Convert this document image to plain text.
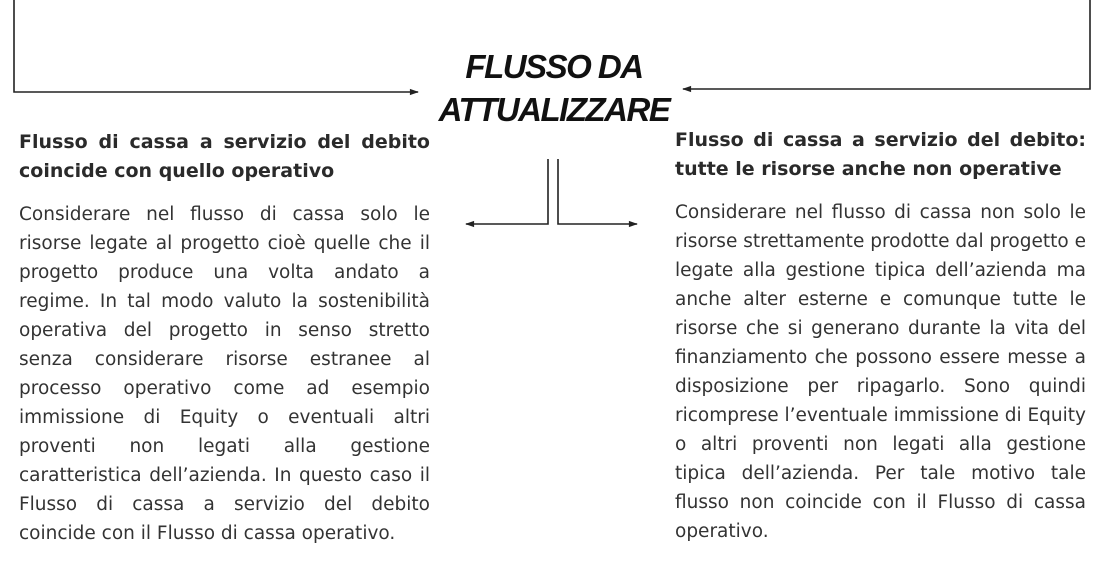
FLUSSO DA
ATTUALIZZARE
Flusso di cassa a servizio del debito coincide con quello operativo

Considerare nel flusso di cassa solo le risorse legate al progetto cioè quelle che il progetto produce una volta andato a regime. In tal modo valuto la sostenibilità operativa del progetto in senso stretto senza considerare risorse estranee al processo operativo come ad esempio immissione di Equity o eventuali altri proventi non legati alla gestione caratteristica dell’azienda. In questo caso il Flusso di cassa a servizio del debito coincide con il Flusso di cassa operativo.

Flusso di cassa a servizio del debito: tutte le risorse anche non operative

Considerare nel flusso di cassa non solo le risorse strettamente prodotte dal progetto e legate alla gestione tipica dell’azienda ma anche alter esterne e comunque tutte le risorse che si generano durante la vita del finanziamento che possono essere messe a disposizione per ripagarlo. Sono quindi ricomprese l’eventuale immissione di Equity o altri proventi non legati alla gestione tipica dell’azienda. Per tale motivo tale flusso non coincide con il Flusso di cassa operativo.
